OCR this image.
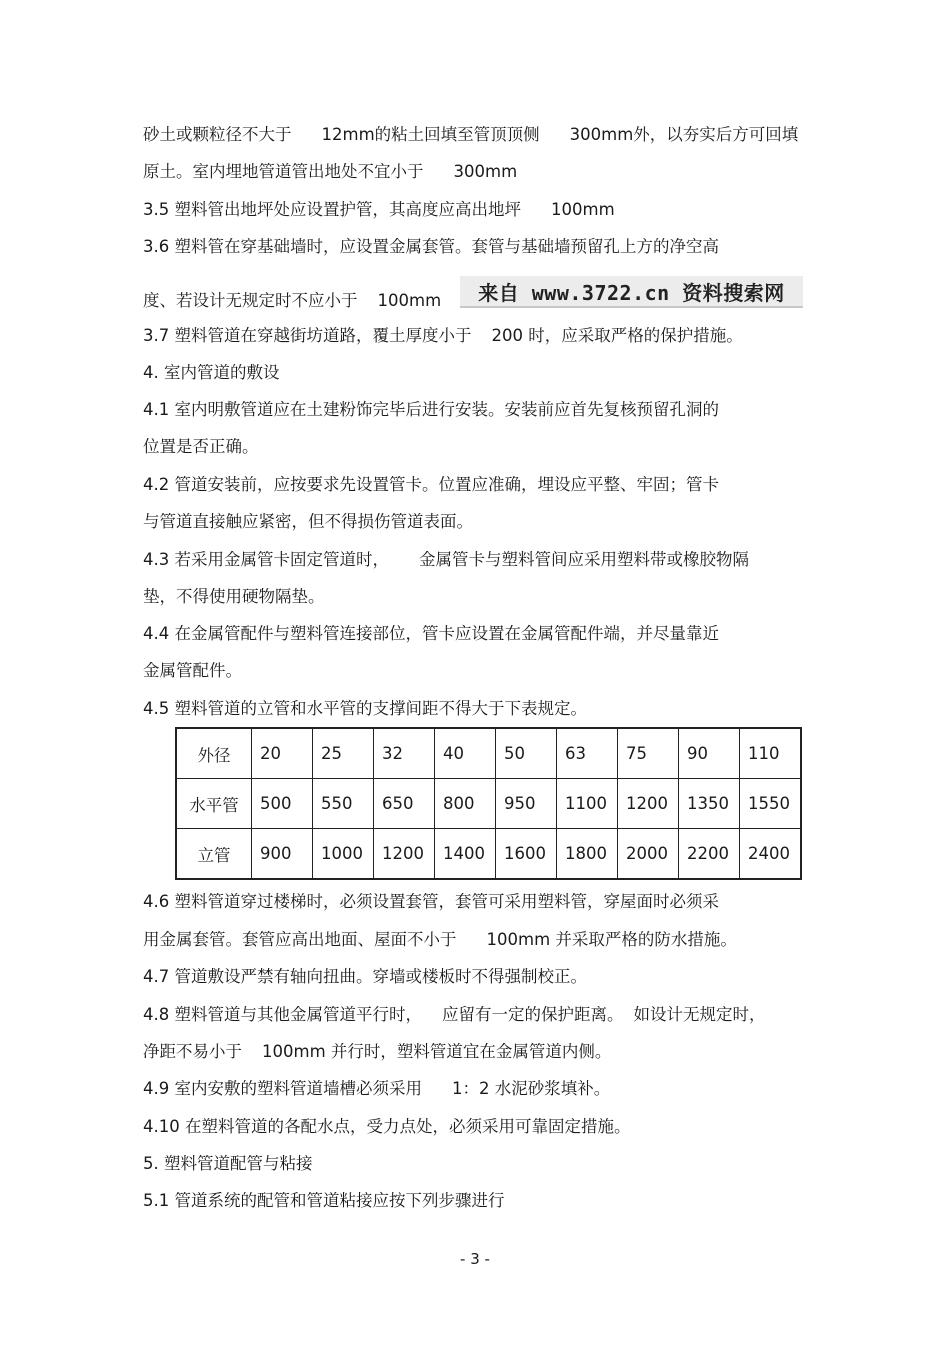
砂土或颗粒径不大于 12mm的粘土回填至管顶顶侧 300mm外，以夯实后方可回填
原土。室内埋地管道管出地处不宜小于 300mm
3.5 塑料管出地坪处应设置护管，其高度应高出地坪 100mm
3.6 塑料管在穿基础墙时，应设置金属套管。套管与基础墙预留孔上方的净空高
度、若设计无规定时不应小于 100mm	来自 www.3722.cn 资料搜索网
3.7 塑料管道在穿越街坊道路，覆土厚度小于 200 时，应采取严格的保护措施。
4. 室内管道的敷设
4.1 室内明敷管道应在土建粉饰完毕后进行安装。安装前应首先复核预留孔洞的
位置是否正确。
4.2 管道安装前，应按要求先设置管卡。位置应准确，埋设应平整、牢固；管卡
与管道直接触应紧密，但不得损伤管道表面。
4.3 若采用金属管卡固定管道时， 金属管卡与塑料管间应采用塑料带或橡胶物隔
垫，不得使用硬物隔垫。
4.4 在金属管配件与塑料管连接部位，管卡应设置在金属管配件端，并尽量靠近
金属管配件。
4.5 塑料管道的立管和水平管的支撑间距不得大于下表规定。
外径	20	25	32	40	50	63	75	90	110
水平管	500	550	650	800	950	1100	1200	1350	1550
立管	900	1000	1200	1400	1600	1800	2000	2200	2400
4.6 塑料管道穿过楼梯时，必须设置套管，套管可采用塑料管，穿屋面时必须采
用金属套管。套管应高出地面、屋面不小于 100mm 并采取严格的防水措施。
4.7 管道敷设严禁有轴向扭曲。穿墙或楼板时不得强制校正。
4.8 塑料管道与其他金属管道平行时， 应留有一定的保护距离。 如设计无规定时，
净距不易小于 100mm 并行时，塑料管道宜在金属管道内侧。
4.9 室内安敷的塑料管道墙槽必须采用 1：2 水泥砂浆填补。
4.10 在塑料管道的各配水点，受力点处，必须采用可靠固定措施。
5. 塑料管道配管与粘接
5.1 管道系统的配管和管道粘接应按下列步骤进行
- 3 -
